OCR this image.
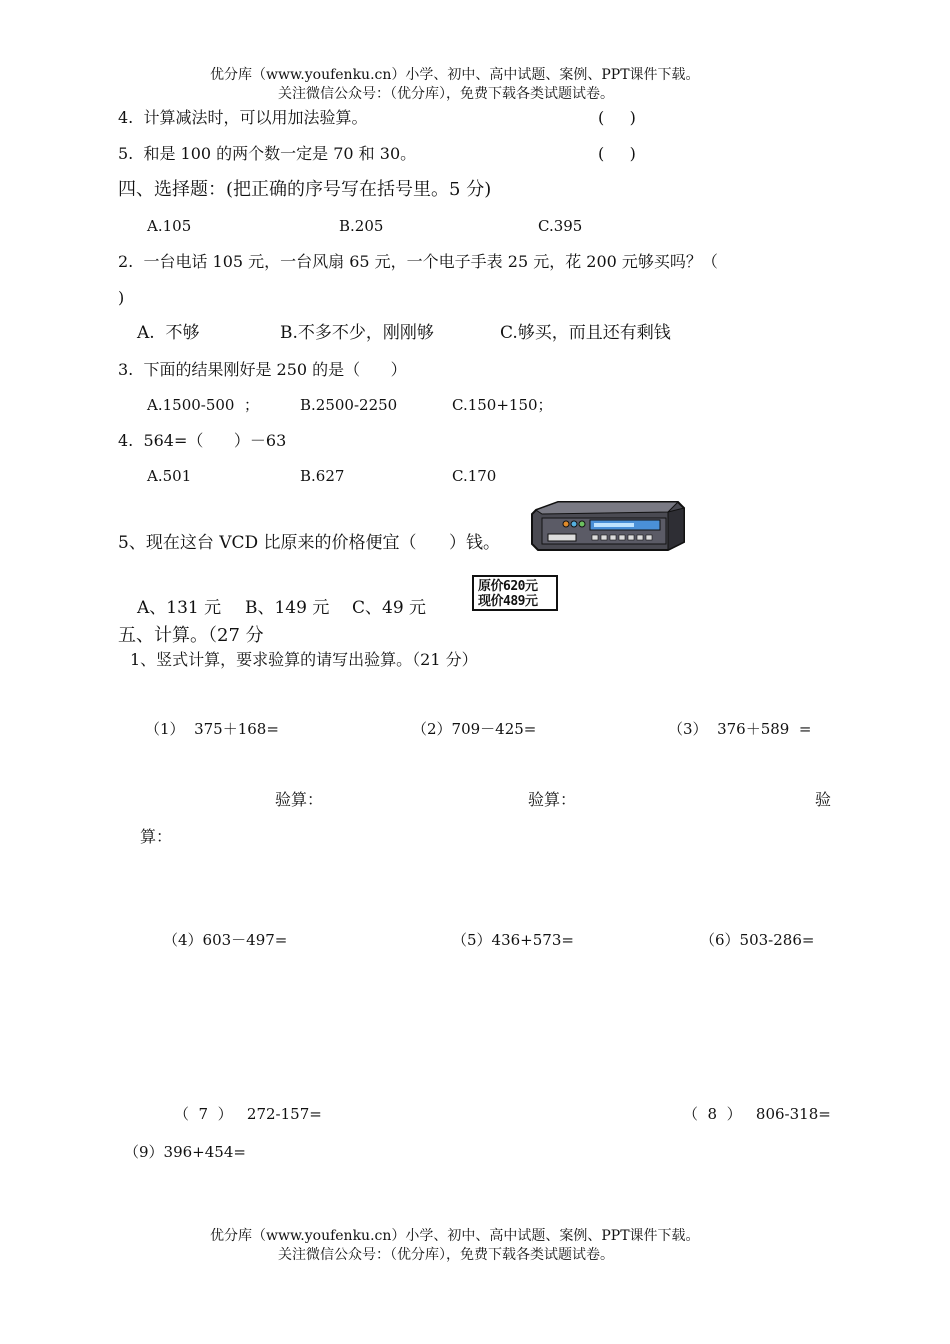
优分库（www.youfenku.cn）小学、初中、高中试题、案例、PPT课件下载。
关注微信公众号：（优分库），免费下载各类试题试卷。
4.  计算减法时，可以用加法验算。	(     )
5.  和是 100 的两个数一定是 70 和 30。	(     )
四、选择题：(把正确的序号写在括号里。5 分)
A.105	B.205	C.395
2.  一台电话 105 元，一台风扇 65 元，一个电子手表 25 元，花 200 元够买吗？（
)
A.  不够	B.不多不少，刚刚够	C.够买，而且还有剩钱
3.  下面的结果刚好是 250 的是（      ）
A.1500-500  ；	B.2500-2250	C.150+150；
4.  564=（      ）－63
A.501	B.627	C.170
5、现在这台 VCD 比原来的价格便宜（      ）钱。
原价620元
现价489元
A、131 元 B、149 元 C、49 元
五、计算。（27 分
1、竖式计算，要求验算的请写出验算。（21 分）
（1）  375＋168=	（2）709－425=	（3）  376＋589  =
验算：	验算：	验
算：
（4）603－497=	（5）436+573=	（6）503-286=
（  7  ）   272-157=	（  8  ）   806-318=
（9）396+454=
优分库（www.youfenku.cn）小学、初中、高中试题、案例、PPT课件下载。
关注微信公众号：（优分库），免费下载各类试题试卷。
